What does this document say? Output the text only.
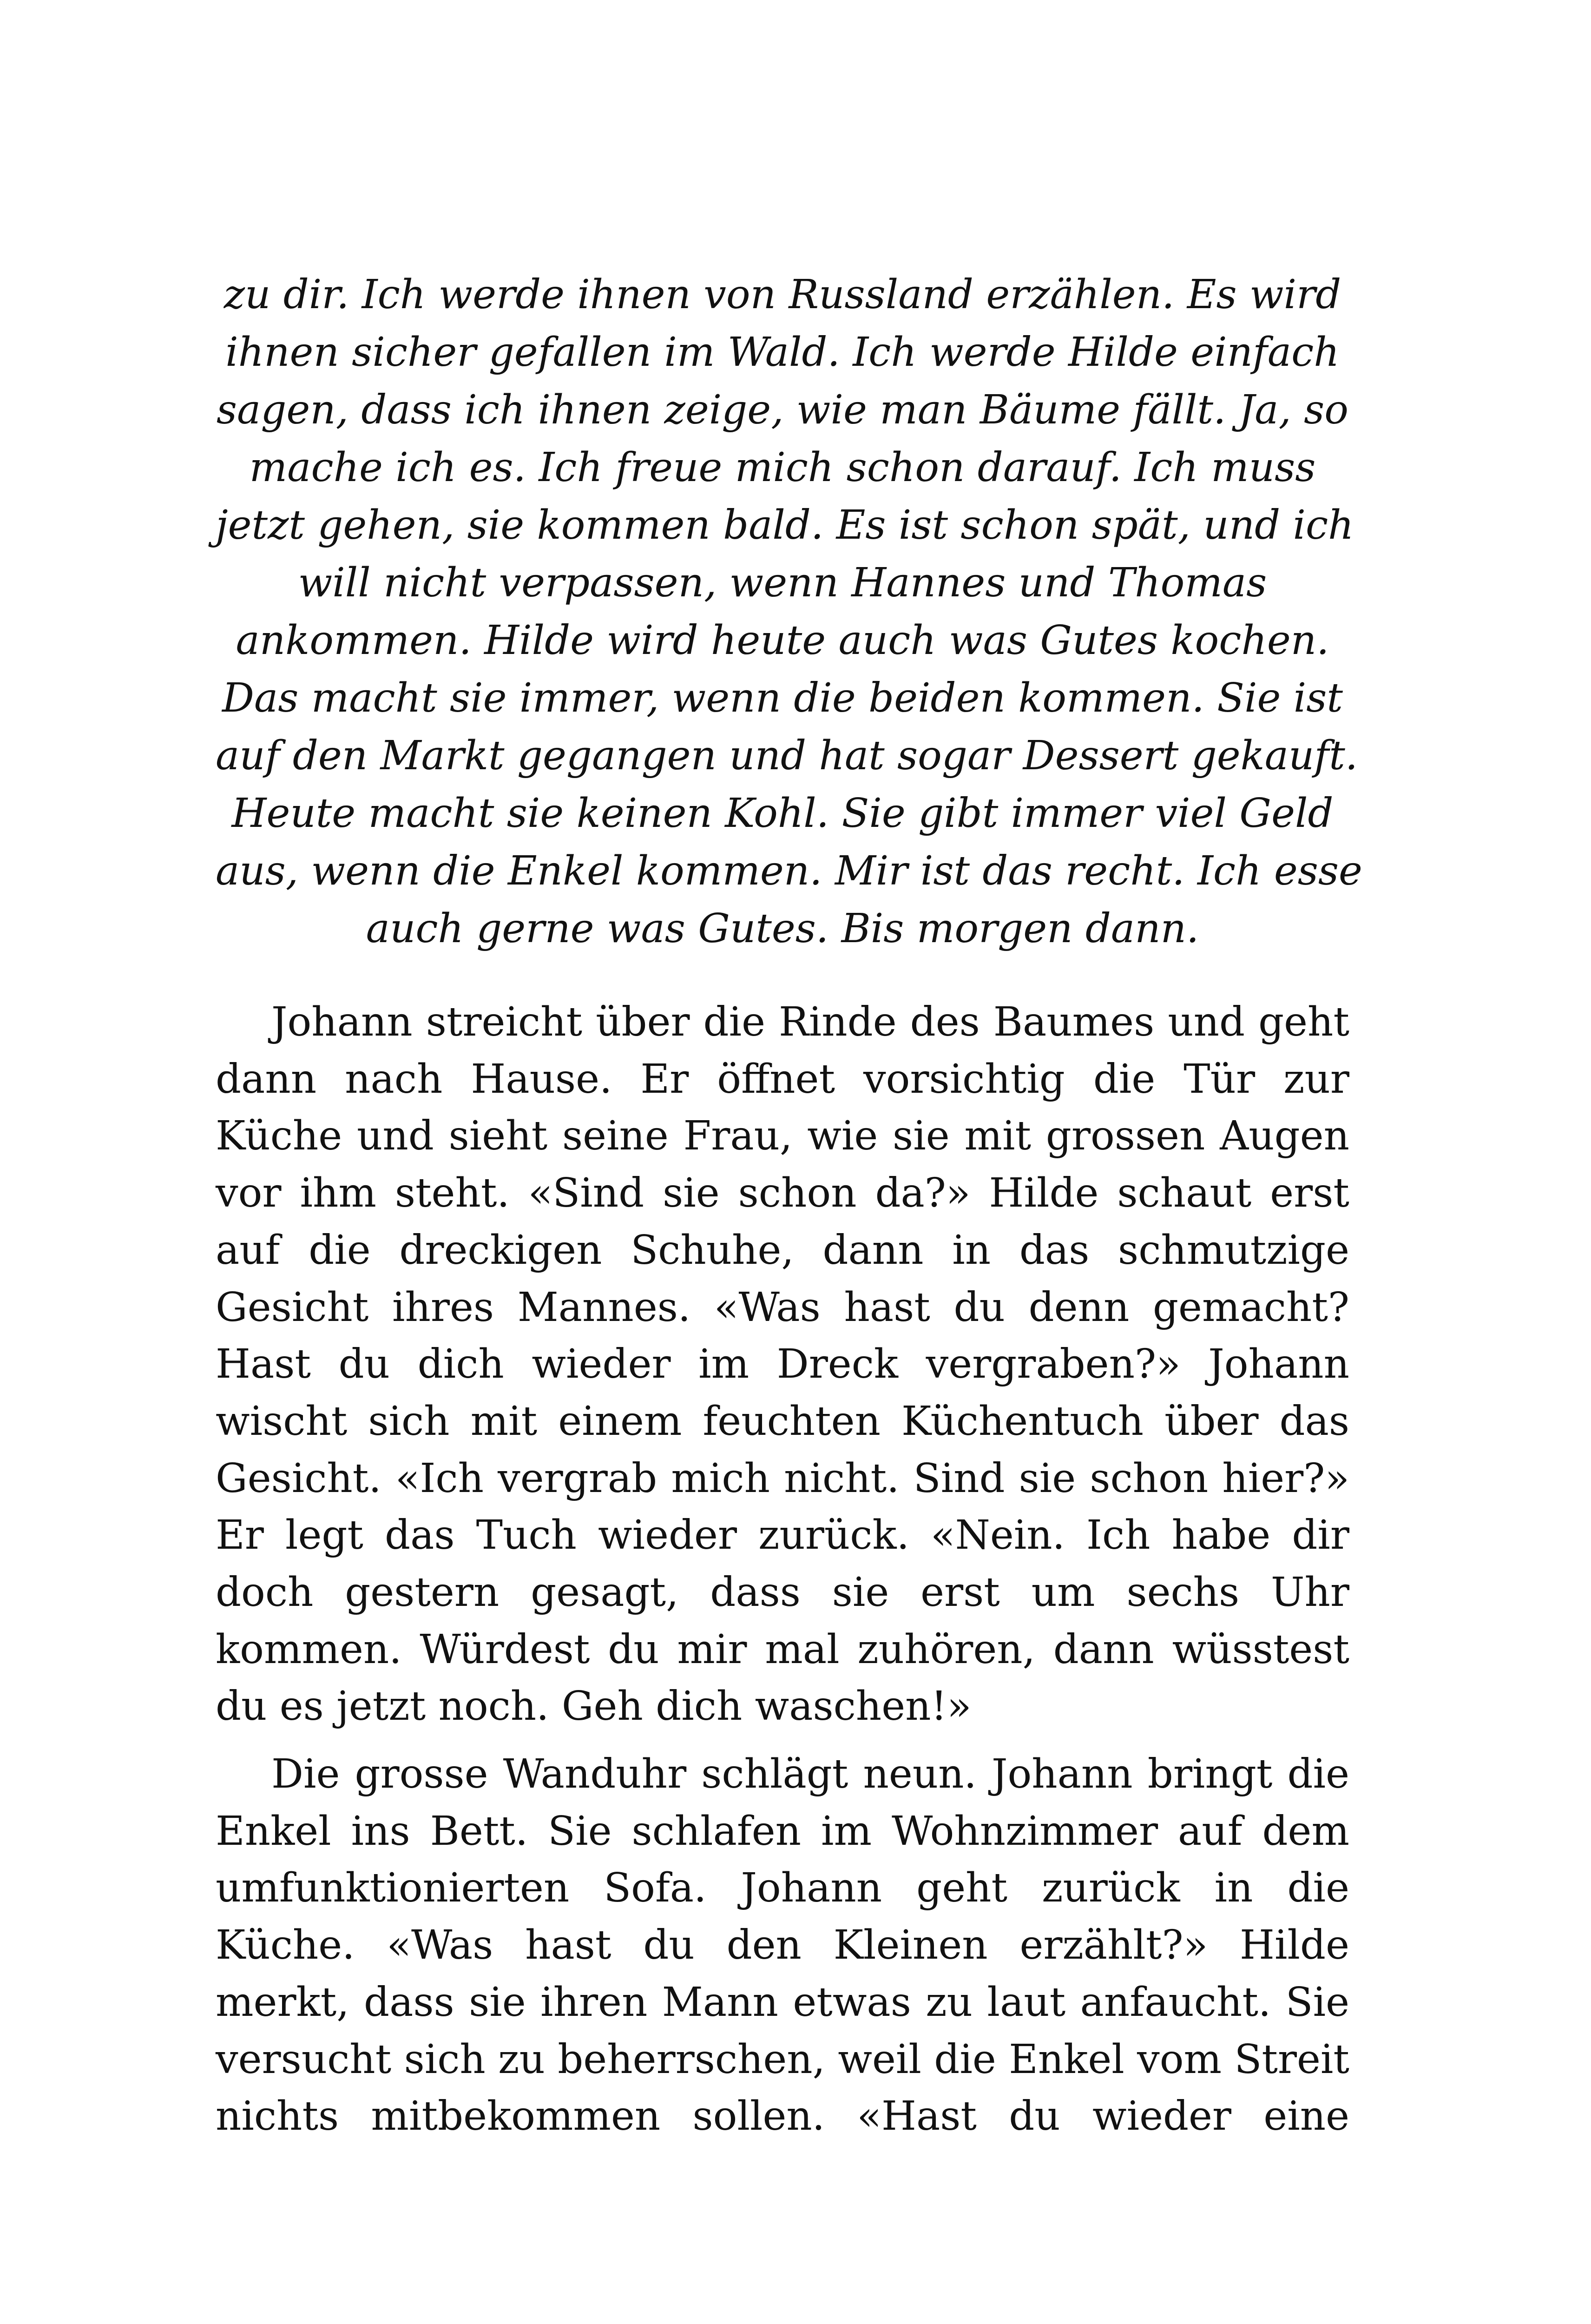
zu dir. Ich werde ihnen von Russland erzählen. Es wird
ihnen sicher gefallen im Wald. Ich werde Hilde einfach
sagen, dass ich ihnen zeige, wie man Bäume fällt. Ja, so
mache ich es. Ich freue mich schon darauf. Ich muss
jetzt gehen, sie kommen bald. Es ist schon spät, und ich
will nicht verpassen, wenn Hannes und Thomas
ankommen. Hilde wird heute auch was Gutes kochen.
Das macht sie immer, wenn die beiden kommen. Sie ist
auf den Markt gegangen und hat sogar Dessert gekauft.
Heute macht sie keinen Kohl. Sie gibt immer viel Geld
aus, wenn die Enkel kommen. Mir ist das recht. Ich esse
auch gerne was Gutes. Bis morgen dann.
Johann streicht über die Rinde des Baumes und geht
dann nach Hause. Er öffnet vorsichtig die Tür zur
Küche und sieht seine Frau, wie sie mit grossen Augen
vor ihm steht. «Sind sie schon da?» Hilde schaut erst
auf die dreckigen Schuhe, dann in das schmutzige
Gesicht ihres Mannes. «Was hast du denn gemacht?
Hast du dich wieder im Dreck vergraben?» Johann
wischt sich mit einem feuchten Küchentuch über das
Gesicht. «Ich vergrab mich nicht. Sind sie schon hier?»
Er legt das Tuch wieder zurück. «Nein. Ich habe dir
doch gestern gesagt, dass sie erst um sechs Uhr
kommen. Würdest du mir mal zuhören, dann wüsstest
du es jetzt noch. Geh dich waschen!»
Die grosse Wanduhr schlägt neun. Johann bringt die
Enkel ins Bett. Sie schlafen im Wohnzimmer auf dem
umfunktionierten Sofa. Johann geht zurück in die
Küche. «Was hast du den Kleinen erzählt?» Hilde
merkt, dass sie ihren Mann etwas zu laut anfaucht. Sie
versucht sich zu beherrschen, weil die Enkel vom Streit
nichts mitbekommen sollen. «Hast du wieder eine
